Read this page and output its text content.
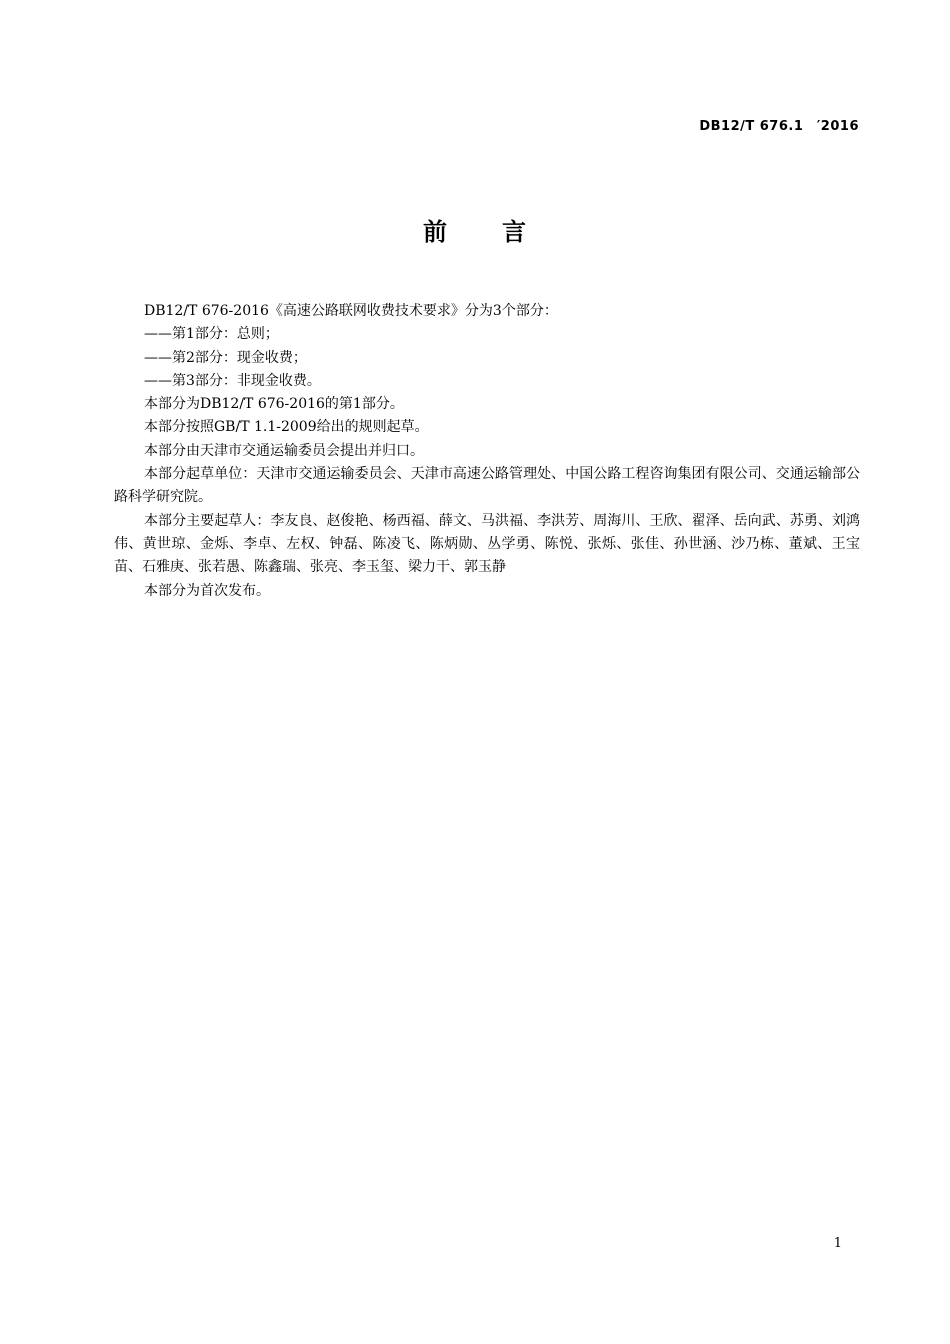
DB12/T 676.1　′2016
前 言

DB12/T 676-2016《高速公路联网收费技术要求》分为3个部分：

——第1部分：总则；

——第2部分：现金收费；

——第3部分：非现金收费。

本部分为DB12/T 676-2016的第1部分。

本部分按照GB/T 1.1-2009给出的规则起草。

本部分由天津市交通运输委员会提出并归口。

本部分起草单位：天津市交通运输委员会、天津市高速公路管理处、中国公路工程咨询集团有限公司、交通运输部公路科学研究院。

本部分主要起草人：李友良、赵俊艳、杨西福、薛文、马洪福、李洪芳、周海川、王欣、翟泽、岳向武、苏勇、刘鸿伟、黄世琼、金烁、李卓、左权、钟磊、陈凌飞、陈炳勋、丛学勇、陈悦、张烁、张佳、孙世涵、沙乃栋、董斌、王宝苗、石雅庚、张若愚、陈鑫瑞、张亮、李玉玺、梁力干、郭玉静

本部分为首次发布。

1
